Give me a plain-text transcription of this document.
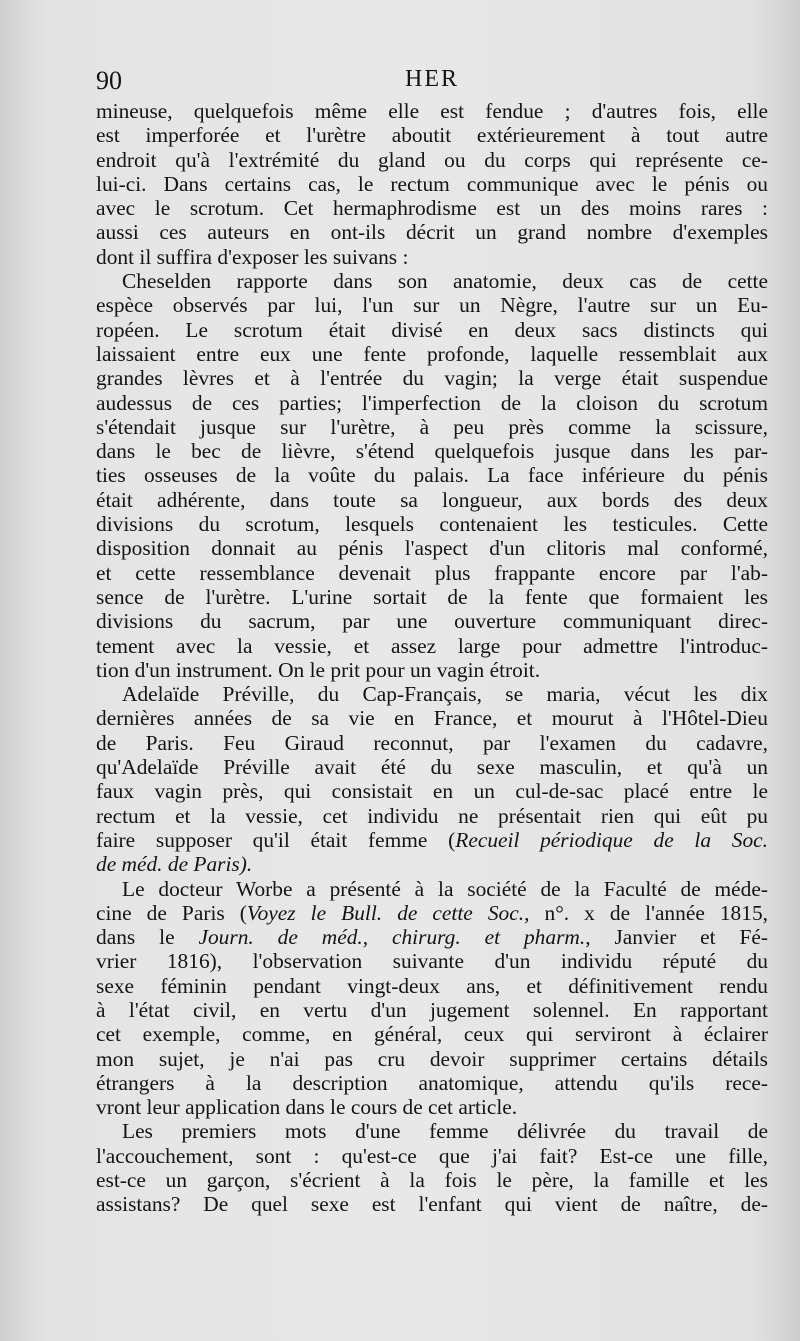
90	HER
mineuse, quelquefois même elle est fendue ; d'autres fois, elle
est imperforée et l'urètre aboutit extérieurement à tout autre
endroit qu'à l'extrémité du gland ou du corps qui représente ce-
lui-ci. Dans certains cas, le rectum communique avec le pénis ou
avec le scrotum. Cet hermaphrodisme est un des moins rares :
aussi ces auteurs en ont-ils décrit un grand nombre d'exemples
dont il suffira d'exposer les suivans :
Cheselden rapporte dans son anatomie, deux cas de cette
espèce observés par lui, l'un sur un Nègre, l'autre sur un Eu-
ropéen. Le scrotum était divisé en deux sacs distincts qui
laissaient entre eux une fente profonde, laquelle ressemblait aux
grandes lèvres et à l'entrée du vagin; la verge était suspendue
audessus de ces parties; l'imperfection de la cloison du scrotum
s'étendait jusque sur l'urètre, à peu près comme la scissure,
dans le bec de lièvre, s'étend quelquefois jusque dans les par-
ties osseuses de la voûte du palais. La face inférieure du pénis
était adhérente, dans toute sa longueur, aux bords des deux
divisions du scrotum, lesquels contenaient les testicules. Cette
disposition donnait au pénis l'aspect d'un clitoris mal conformé,
et cette ressemblance devenait plus frappante encore par l'ab-
sence de l'urètre. L'urine sortait de la fente que formaient les
divisions du sacrum, par une ouverture communiquant direc-
tement avec la vessie, et assez large pour admettre l'introduc-
tion d'un instrument. On le prit pour un vagin étroit.
Adelaïde Préville, du Cap-Français, se maria, vécut les dix
dernières années de sa vie en France, et mourut à l'Hôtel-Dieu
de Paris. Feu Giraud reconnut, par l'examen du cadavre,
qu'Adelaïde Préville avait été du sexe masculin, et qu'à un
faux vagin près, qui consistait en un cul-de-sac placé entre le
rectum et la vessie, cet individu ne présentait rien qui eût pu
faire supposer qu'il était femme (Recueil périodique de la Soc.
de méd. de Paris).
Le docteur Worbe a présenté à la société de la Faculté de méde-
cine de Paris (Voyez le Bull. de cette Soc., n°. x de l'année 1815,
dans le Journ. de méd., chirurg. et pharm., Janvier et Fé-
vrier 1816), l'observation suivante d'un individu réputé du
sexe féminin pendant vingt-deux ans, et définitivement rendu
à l'état civil, en vertu d'un jugement solennel. En rapportant
cet exemple, comme, en général, ceux qui serviront à éclairer
mon sujet, je n'ai pas cru devoir supprimer certains détails
étrangers à la description anatomique, attendu qu'ils rece-
vront leur application dans le cours de cet article.
Les premiers mots d'une femme délivrée du travail de
l'accouchement, sont : qu'est-ce que j'ai fait? Est-ce une fille,
est-ce un garçon, s'écrient à la fois le père, la famille et les
assistans? De quel sexe est l'enfant qui vient de naître, de-
